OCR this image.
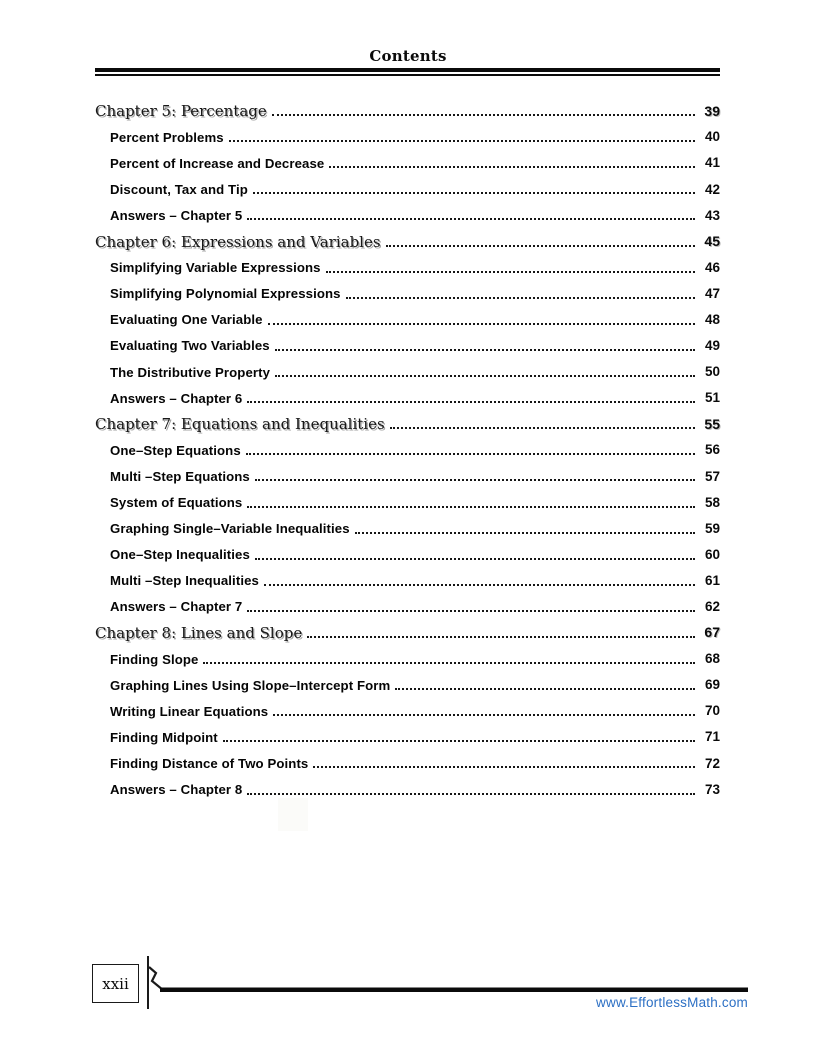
Contents
Chapter 5: Percentage	39
Percent Problems	40
Percent of Increase and Decrease	41
Discount, Tax and Tip	42
Answers – Chapter 5	43
Chapter 6: Expressions and Variables	45
Simplifying Variable Expressions	46
Simplifying Polynomial Expressions	47
Evaluating One Variable	48
Evaluating Two Variables	49
The Distributive Property	50
Answers – Chapter 6	51
Chapter 7: Equations and Inequalities	55
One–Step Equations	56
Multi –Step Equations	57
System of Equations	58
Graphing Single–Variable Inequalities	59
One–Step Inequalities	60
Multi –Step Inequalities	61
Answers – Chapter 7	62
Chapter 8: Lines and Slope	67
Finding Slope	68
Graphing Lines Using Slope–Intercept Form	69
Writing Linear Equations	70
Finding Midpoint	71
Finding Distance of Two Points	72
Answers – Chapter 8	73
xxii
www.EffortlessMath.com
